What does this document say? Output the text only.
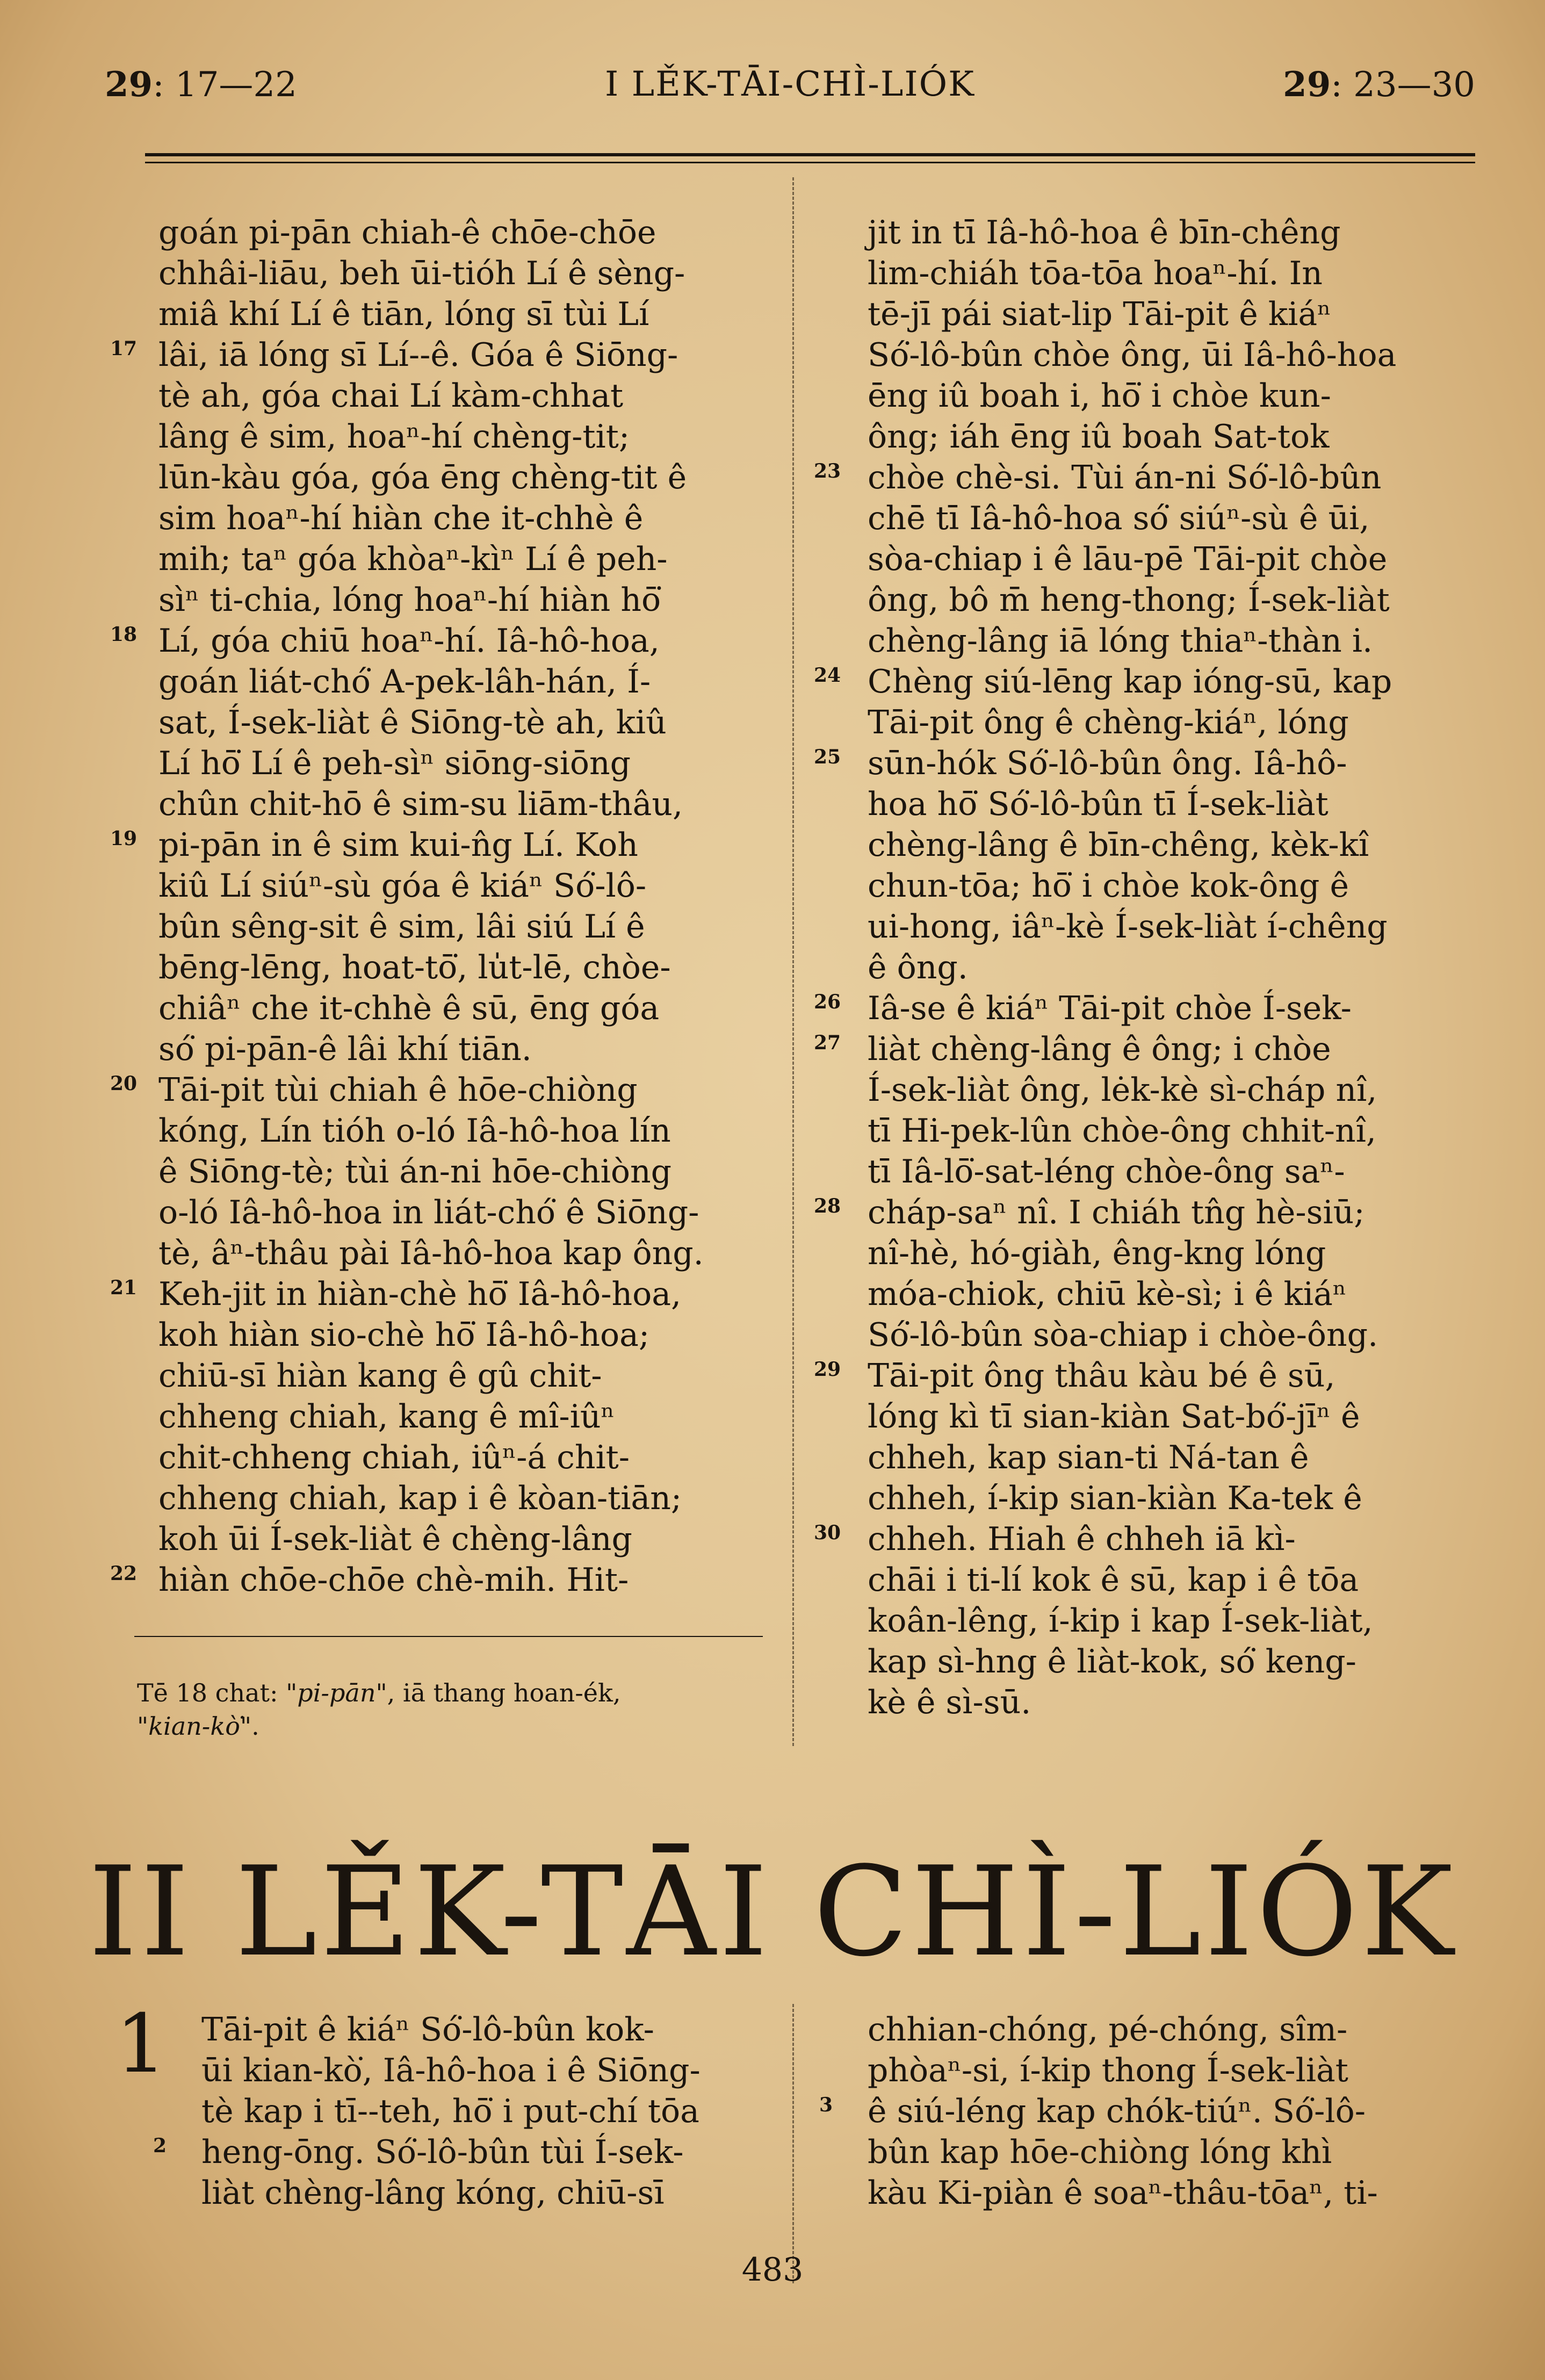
29: 17—22	I LĚK-TĀI-CHÌ-LIÓK	29: 23—30
goán pi-pān chiah-ê chōe-chōe
chhâi-liāu, beh ūi-tióh Lí ê sèng-
miâ khí Lí ê tiān, lóng sī tùi Lí
17 lâi, iā lóng sī Lí--ê. Góa ê Siōng-
tè ah, góa chai Lí kàm-chhat
lâng ê sim, hoaⁿ-hí chèng-tit;
lūn-kàu góa, góa ēng chèng-tit ê
sim hoaⁿ-hí hiàn che it-chhè ê
mih; taⁿ góa khòaⁿ-kìⁿ Lí ê peh-
sìⁿ ti-chia, lóng hoaⁿ-hí hiàn hō͘
18 Lí, góa chiū hoaⁿ-hí. Iâ-hô-hoa,
goán liát-chó͘ A-pek-lâh-hán, Í-
sat, Í-sek-liàt ê Siōng-tè ah, kiû
Lí hō͘ Lí ê peh-sìⁿ siōng-siōng
chûn chit-hō ê sim-su liām-thâu,
19 pi-pān in ê sim kui-n̂g Lí. Koh
kiû Lí siúⁿ-sù góa ê kiáⁿ Só͘-lô-
bûn sêng-sit ê sim, lâi siú Lí ê
bēng-lēng, hoat-tō͘, lu̍t-lē, chòe-
chiâⁿ che it-chhè ê sū, ēng góa
só͘ pi-pān-ê lâi khí tiān.
20 Tāi-pit tùi chiah ê hōe-chiòng
kóng, Lín tióh o-ló Iâ-hô-hoa lín
ê Siōng-tè; tùi án-ni hōe-chiòng
o-ló Iâ-hô-hoa in liát-chó͘ ê Siōng-
tè, âⁿ-thâu pài Iâ-hô-hoa kap ông.
21 Keh-jit in hiàn-chè hō͘ Iâ-hô-hoa,
koh hiàn sio-chè hō͘ Iâ-hô-hoa;
chiū-sī hiàn kang ê gû chit-
chheng chiah, kang ê mî-iûⁿ
chit-chheng chiah, iûⁿ-á chit-
chheng chiah, kap i ê kòan-tiān;
koh ūi Í-sek-liàt ê chèng-lâng
22 hiàn chōe-chōe chè-mih. Hit-
jit in tī Iâ-hô-hoa ê bīn-chêng
lim-chiáh tōa-tōa hoaⁿ-hí. In
tē-jī pái siat-lip Tāi-pit ê kiáⁿ
Só͘-lô-bûn chòe ông, ūi Iâ-hô-hoa
ēng iû boah i, hō͘ i chòe kun-
ông; iáh ēng iû boah Sat-tok
23 chòe chè-si. Tùi án-ni Só͘-lô-bûn
chē tī Iâ-hô-hoa só͘ siúⁿ-sù ê ūi,
sòa-chiap i ê lāu-pē Tāi-pit chòe
ông, bô m̄ heng-thong; Í-sek-liàt
chèng-lâng iā lóng thiaⁿ-thàn i.
24 Chèng siú-lēng kap ióng-sū, kap
Tāi-pit ông ê chèng-kiáⁿ, lóng
25 sūn-hók Só͘-lô-bûn ông. Iâ-hô-
hoa hō͘ Só͘-lô-bûn tī Í-sek-liàt
chèng-lâng ê bīn-chêng, kèk-kî
chun-tōa; hō͘ i chòe kok-ông ê
ui-hong, iâⁿ-kè Í-sek-liàt í-chêng
ê ông.
26 Iâ-se ê kiáⁿ Tāi-pit chòe Í-sek-
27 liàt chèng-lâng ê ông; i chòe
Í-sek-liàt ông, lėk-kè sì-cháp nî,
tī Hi-pek-lûn chòe-ông chhit-nî,
tī Iâ-lō͘-sat-léng chòe-ông saⁿ-
28 cháp-saⁿ nî. I chiáh tn̂g hè-siū;
nî-hè, hó-giàh, êng-kng lóng
móa-chiok, chiū kè-sì; i ê kiáⁿ
Só͘-lô-bûn sòa-chiap i chòe-ông.
29 Tāi-pit ông thâu kàu bé ê sū,
lóng kì tī sian-kiàn Sat-bó͘-jīⁿ ê
chheh, kap sian-ti Ná-tan ê
chheh, í-kip sian-kiàn Ka-tek ê
30 chheh. Hiah ê chheh iā kì-
chāi i ti-lí kok ê sū, kap i ê tōa
koân-lêng, í-kip i kap Í-sek-liàt,
kap sì-hng ê liàt-kok, só͘ keng-
kè ê sì-sū.
Tē 18 chat: "pi-pān", iā thang hoan-ék,
"kian-kò͘".
II LĚK-TĀI CHÌ-LIÓK
1 Tāi-pit ê kiáⁿ Só͘-lô-bûn kok-
ūi kian-kò͘, Iâ-hô-hoa i ê Siōng-
tè kap i tī--teh, hō͘ i put-chí tōa
2 heng-ōng. Só͘-lô-bûn tùi Í-sek-
liàt chèng-lâng kóng, chiū-sī
chhian-chóng, pé-chóng, sîm-
phòaⁿ-si, í-kip thong Í-sek-liàt
3 ê siú-léng kap chók-tiúⁿ. Só͘-lô-
bûn kap hōe-chiòng lóng khì
kàu Ki-piàn ê soaⁿ-thâu-tōaⁿ, ti-
483
